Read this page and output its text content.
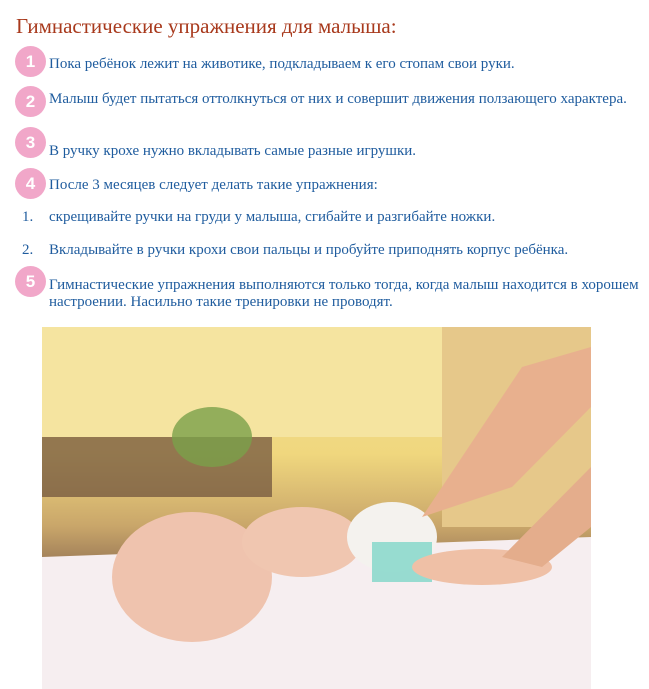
Гимнастические упражнения для малыша:
1 Пока ребёнок лежит на животике, подкладываем к его стопам свои руки.
2 Малыш будет пытаться оттолкнуться от них и совершит движения ползающего характера.
3 В ручку крохе нужно вкладывать самые разные игрушки.
4 После 3 месяцев следует делать такие упражнения:
1. скрещивайте ручки на груди у малыша, сгибайте и разгибайте ножки.
2. Вкладывайте в ручки крохи свои пальцы и пробуйте приподнять корпус ребёнка.
5 Гимнастические упражнения выполняются только тогда, когда малыш находится в хорошем настроении. Насильно такие тренировки не проводят.
